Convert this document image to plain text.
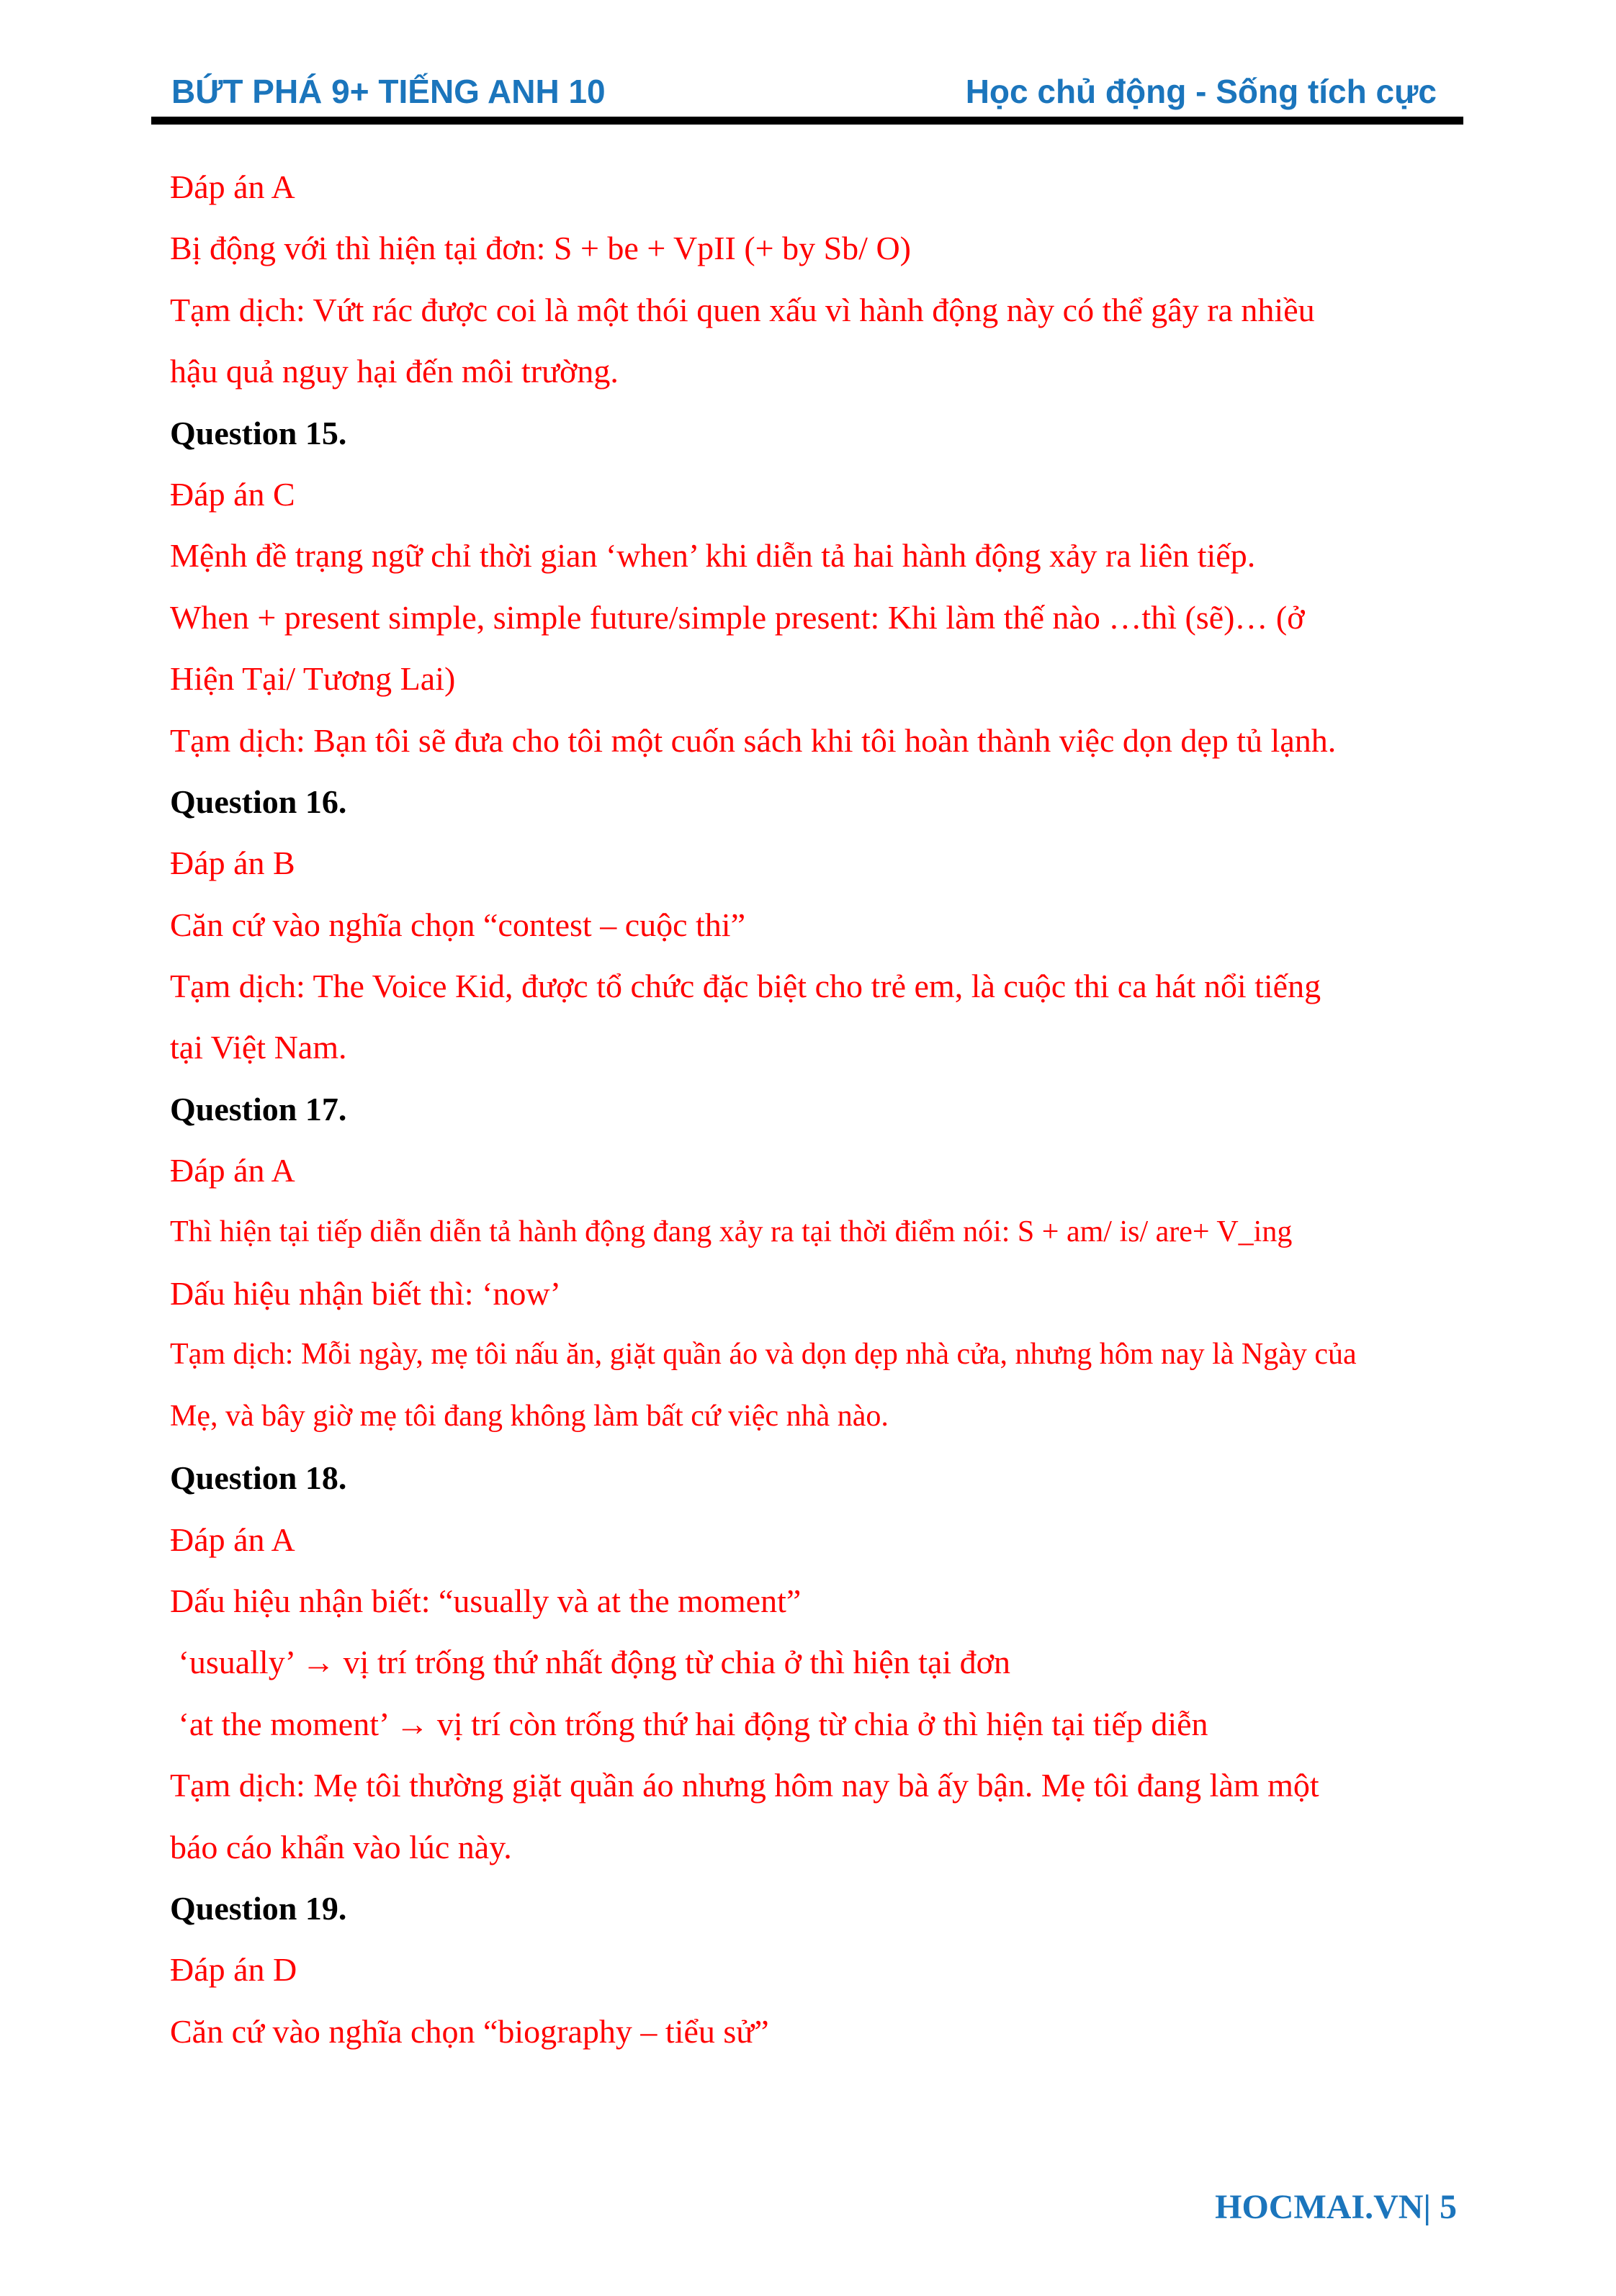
BỨT PHÁ 9+ TIẾNG ANH 10	Học chủ động - Sống tích cực
Đáp án A
Bị động với thì hiện tại đơn: S + be + VpII (+ by Sb/ O)
Tạm dịch: Vứt rác được coi là một thói quen xấu vì hành động này có thể gây ra nhiều
hậu quả nguy hại đến môi trường.
Question 15.
Đáp án C
Mệnh đề trạng ngữ chỉ thời gian ‘when’ khi diễn tả hai hành động xảy ra liên tiếp.
When + present simple, simple future/simple present: Khi làm thế nào …thì (sẽ)… (ở
Hiện Tại/ Tương Lai)
Tạm dịch: Bạn tôi sẽ đưa cho tôi một cuốn sách khi tôi hoàn thành việc dọn dẹp tủ lạnh.
Question 16.
Đáp án B
Căn cứ vào nghĩa chọn “contest – cuộc thi”
Tạm dịch: The Voice Kid, được tổ chức đặc biệt cho trẻ em, là cuộc thi ca hát nổi tiếng
tại Việt Nam.
Question 17.
Đáp án A
Thì hiện tại tiếp diễn diễn tả hành động đang xảy ra tại thời điểm nói: S + am/ is/ are+ V_ing
Dấu hiệu nhận biết thì: ‘now’
Tạm dịch: Mỗi ngày, mẹ tôi nấu ăn, giặt quần áo và dọn dẹp nhà cửa, nhưng hôm nay là Ngày của
Mẹ, và bây giờ mẹ tôi đang không làm bất cứ việc nhà nào.
Question 18.
Đáp án A
Dấu hiệu nhận biết: “usually và at the moment”
‘usually’ → vị trí trống thứ nhất động từ chia ở thì hiện tại đơn
‘at the moment’ → vị trí còn trống thứ hai động từ chia ở thì hiện tại tiếp diễn
Tạm dịch: Mẹ tôi thường giặt quần áo nhưng hôm nay bà ấy bận. Mẹ tôi đang làm một
báo cáo khẩn vào lúc này.
Question 19.
Đáp án D
Căn cứ vào nghĩa chọn “biography – tiểu sử”
HOCMAI.VN| 5
